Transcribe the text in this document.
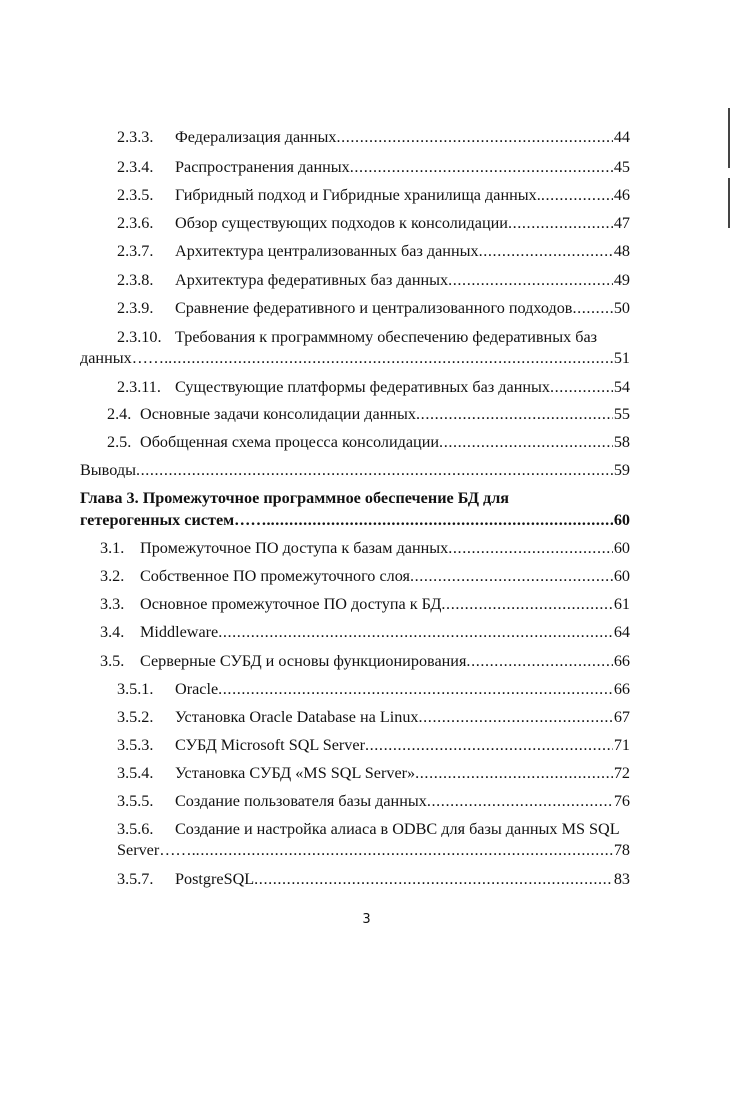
2.3.3.	Федерализация данных .....	44
2.3.4.	Распространения данных .....	45
2.3.5.	Гибридный подход и Гибридные хранилища данных. .....	46
2.3.6.	Обзор существующих подходов к консолидации .....	47
2.3.7.	Архитектура централизованных баз данных .....	48
2.3.8.	Архитектура федеративных баз данных .....	49
2.3.9.	Сравнение федеративного и централизованного подходов .....	50
2.3.10. Требования к программному обеспечению федеративных баз
данных……. .....	51
2.3.11. Существующие платформы федеративных баз данных .....	54
2.4. Основные задачи консолидации данных .....	55
2.5. Обобщенная схема процесса консолидации .....	58
Выводы .....	59
Глава 3. Промежуточное программное обеспечение БД для
гетерогенных систем……. .....	60
3.1. Промежуточное ПО доступа к базам данных .....	60
3.2. Собственное ПО промежуточного слоя .....	60
3.3. Основное промежуточное ПО доступа к БД .....	61
3.4. Middleware .....	64
3.5. Серверные СУБД и основы функционирования .....	66
3.5.1.	Oracle .....	66
3.5.2.	Установка Oracle Database на Linux .....	67
3.5.3.	СУБД Microsoft SQL Server .....	71
3.5.4.	Установка СУБД «MS SQL Server» .....	72
3.5.5.	Создание пользователя базы данных .....	76
3.5.6.	Создание и настройка алиаса в ODBC для базы данных MS SQL
Server……. .....	78
3.5.7.	PostgreSQL .....	83
3
